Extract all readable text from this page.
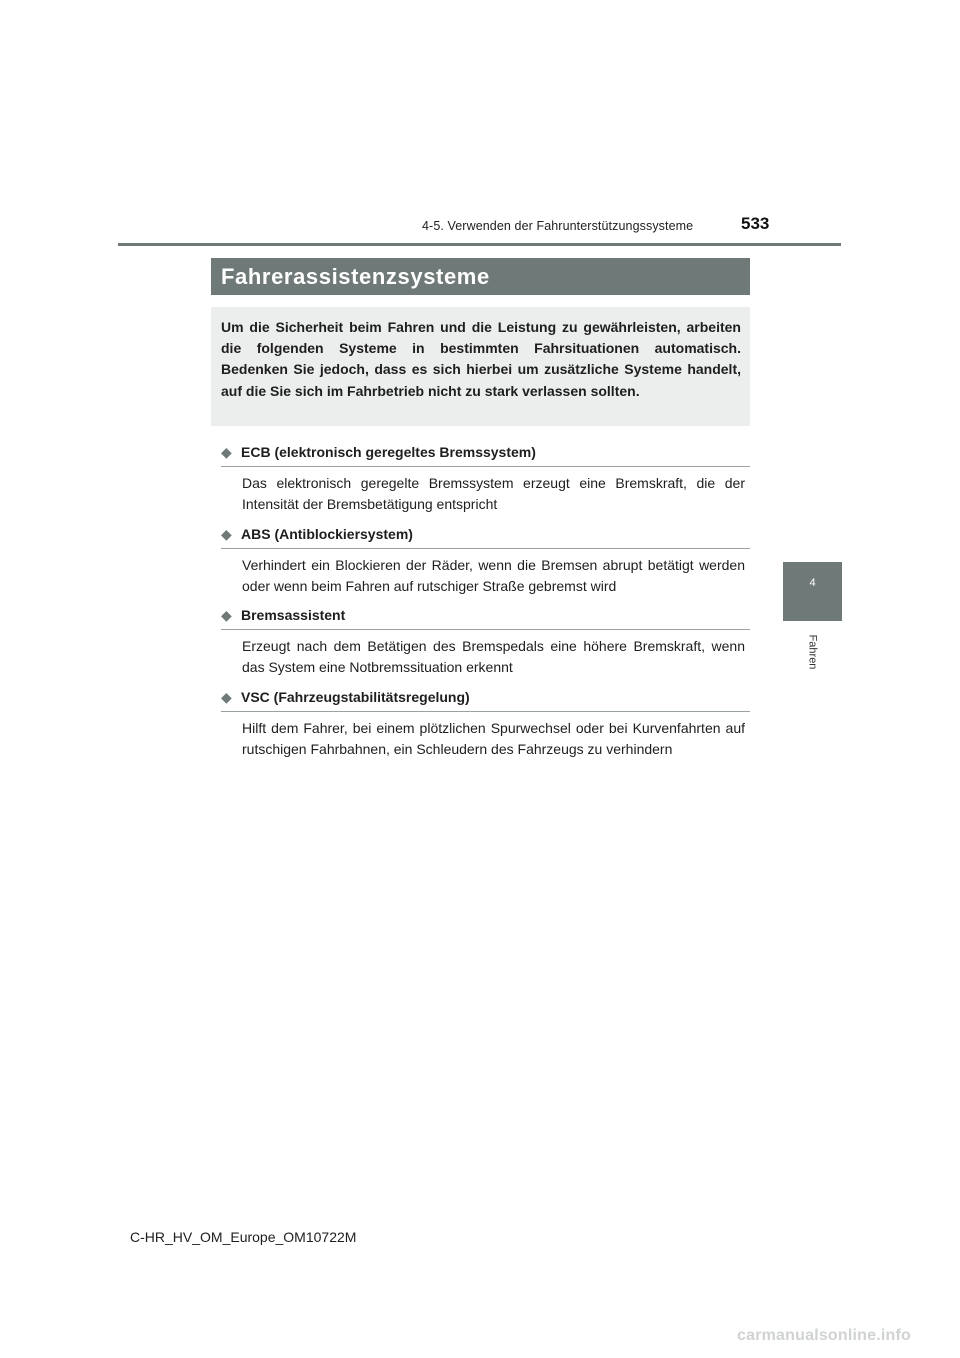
4-5. Verwenden der Fahrunterstützungssysteme	533
4
Fahren
Fahrerassistenzsysteme

Um die Sicherheit beim Fahren und die Leistung zu gewährleisten, arbeiten die folgenden Systeme in bestimmten Fahrsituationen automatisch. Bedenken Sie jedoch, dass es sich hierbei um zusätzliche Systeme handelt, auf die Sie sich im Fahrbetrieb nicht zu stark verlassen sollten.

◆ ECB (elektronisch geregeltes Bremssystem)

Das elektronisch geregelte Bremssystem erzeugt eine Bremskraft, die der Intensität der Bremsbetätigung entspricht

◆ ABS (Antiblockiersystem)

Verhindert ein Blockieren der Räder, wenn die Bremsen abrupt betätigt werden oder wenn beim Fahren auf rutschiger Straße gebremst wird

◆ Bremsassistent

Erzeugt nach dem Betätigen des Bremspedals eine höhere Bremskraft, wenn das System eine Notbremssituation erkennt

◆ VSC (Fahrzeugstabilitätsregelung)

Hilft dem Fahrer, bei einem plötzlichen Spurwechsel oder bei Kurvenfahrten auf rutschigen Fahrbahnen, ein Schleudern des Fahrzeugs zu verhindern

C-HR_HV_OM_Europe_OM10722M
carmanualsonline.info
